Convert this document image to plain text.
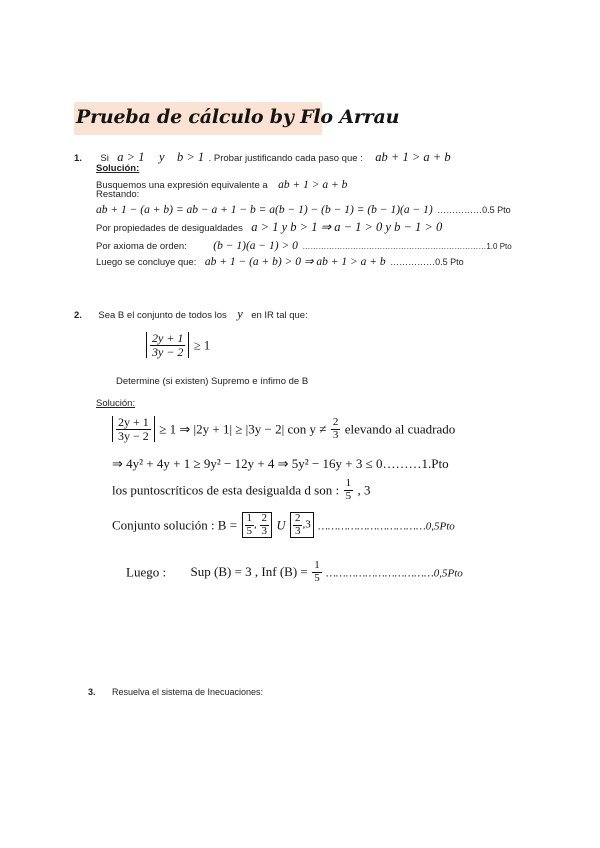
Prueba de cálculo by Flo Arrau
1. Si a > 1 y b > 1 . Probar justificando cada paso que : ab + 1 > a + b
Solución:
Busquemos una expresión equivalente a ab + 1 > a + b
Restando:
ab + 1 − (a + b) = ab − a + 1 − b = a(b − 1) − (b − 1) = (b − 1)(a − 1) ……………0.5 Pto
Por propiedades de desigualdades a > 1 y b > 1 ⇒ a − 1 > 0 y b − 1 > 0
Por axioma de orden: (b − 1)(a − 1) > 0 ……………………………………………………………1.0 Pto
Luego se concluye que: ab + 1 − (a + b) > 0 ⇒ ab + 1 > a + b ……………0.5 Pto
2. Sea B el conjunto de todos los y en IR tal que:
$\frac{2y + 1}{3y - 2} \ge 1$
Determine (si existen) Supremo e ínfimo de B
Solución:
$\frac{2y + 1}{3y - 2} \ge 1$ ⇒ |2y + 1| ≥ |3y − 2| con $y \ne \frac{2}{3}$ elevando al cuadrado
⇒ 4y² + 4y + 1 ≥ 9y² − 12y + 4 ⇒ 5y² − 16y + 3 ≤ 0………1.Pto
los puntoscríticos de esta desigualda d son : $\frac{1}{5}$ , 3
Conjunto solución : $B = \frac{1}{5}$ , $\frac{2}{3}$ U $\frac{2}{3} ,3$ ……………………………0,5Pto
Luego : Sup (B) = 3 , Inf $(B) = \frac{1}{5}$ ……………………………0,5Pto
3. Resuelva el sistema de Inecuaciones:
